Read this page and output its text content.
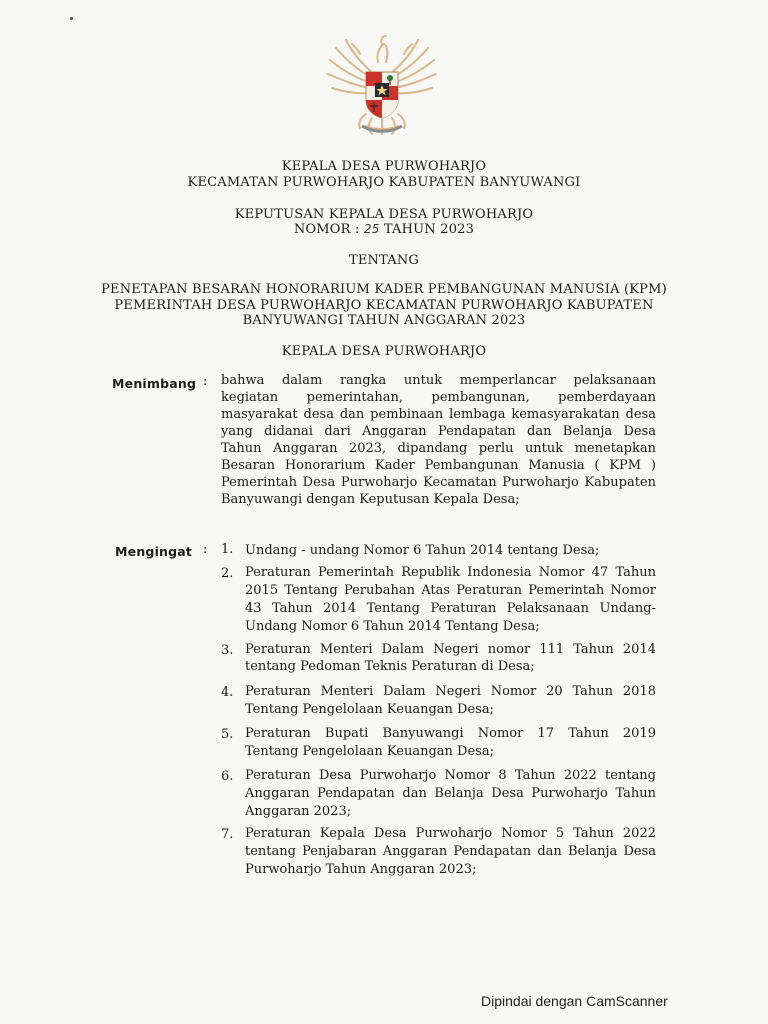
KEPALA DESA PURWOHARJO
KECAMATAN PURWOHARJO KABUPATEN BANYUWANGI
KEPUTUSAN KEPALA DESA PURWOHARJO
NOMOR : 25 TAHUN 2023
TENTANG
PENETAPAN BESARAN HONORARIUM KADER PEMBANGUNAN MANUSIA (KPM)
PEMERINTAH DESA PURWOHARJO KECAMATAN PURWOHARJO KABUPATEN
BANYUWANGI TAHUN ANGGARAN 2023
KEPALA DESA PURWOHARJO
Menimbang : bahwa dalam rangka untuk memperlancar pelaksanaan
kegiatan pemerintahan, pembangunan, pemberdayaan
masyarakat desa dan pembinaan lembaga kemasyarakatan desa
yang didanai dari Anggaran Pendapatan dan Belanja Desa
Tahun Anggaran 2023, dipandang perlu untuk menetapkan
Besaran Honorarium Kader Pembangunan Manusia ( KPM )
Pemerintah Desa Purwoharjo Kecamatan Purwoharjo Kabupaten
Banyuwangi dengan Keputusan Kepala Desa;
Mengingat : 1. Undang - undang Nomor 6 Tahun 2014 tentang Desa;
2. Peraturan Pemerintah Republik Indonesia Nomor 47 Tahun
2015 Tentang Perubahan Atas Peraturan Pemerintah Nomor
43 Tahun 2014 Tentang Peraturan Pelaksanaan Undang-
Undang Nomor 6 Tahun 2014 Tentang Desa;
3. Peraturan Menteri Dalam Negeri nomor 111 Tahun 2014
tentang Pedoman Teknis Peraturan di Desa;
4. Peraturan Menteri Dalam Negeri Nomor 20 Tahun 2018
Tentang Pengelolaan Keuangan Desa;
5. Peraturan Bupati Banyuwangi Nomor 17 Tahun 2019
Tentang Pengelolaan Keuangan Desa;
6. Peraturan Desa Purwoharjo Nomor 8 Tahun 2022 tentang
Anggaran Pendapatan dan Belanja Desa Purwoharjo Tahun
Anggaran 2023;
7. Peraturan Kepala Desa Purwoharjo Nomor 5 Tahun 2022
tentang Penjabaran Anggaran Pendapatan dan Belanja Desa
Purwoharjo Tahun Anggaran 2023;
Dipindai dengan CamScanner
